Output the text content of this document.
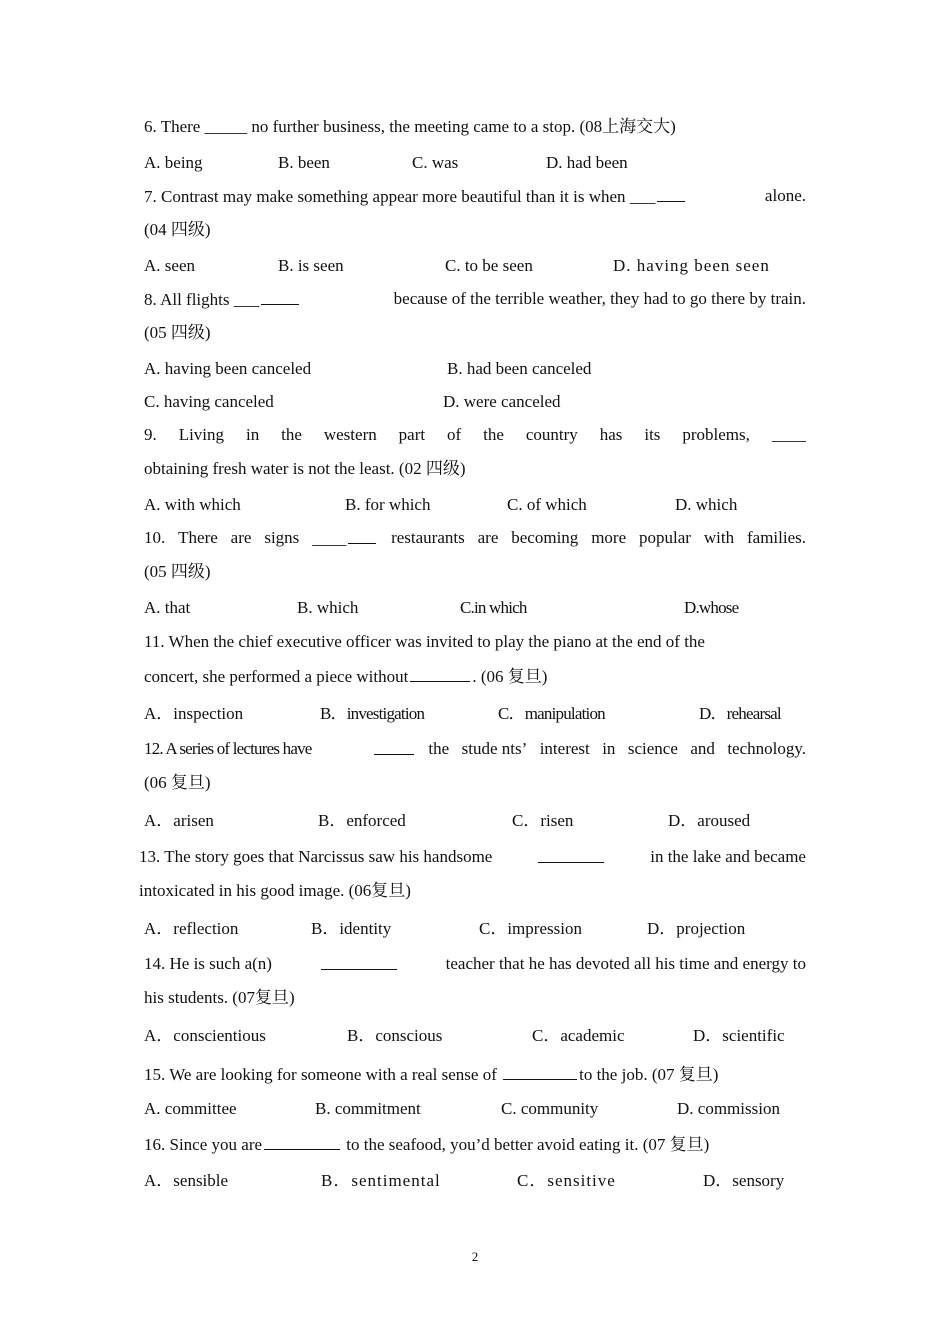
6. There _____ no further business, the meeting came to a stop. (08上海交大)
A. being	B. been	C. was	D. had been
7. Contrast may make something appear more beautiful than it is when ___	alone.
(04 四级)
A. seen	B. is seen	C. to be seen	D. having been seen
8. All flights ___	because of the terrible weather, they had to go there by train.
(05 四级)
A. having been canceled	B. had been canceled
C. having canceled	D. were canceled
9. Living in the western part of the country has its problems, ____
obtaining fresh water is not the least. (02 四级)
A. with which	B. for which	C. of which	D. which
10. There are signs ____	restaurants are becoming more popular with families.
(05 四级)
A. that	B. which	C.in which	D.whose
11. When the chief executive officer was invited to play the piano at the end of the
concert, she performed a piece without	. (06 复旦)
A．inspection	B．investigation	C．manipulation	D．rehearsal
12. A series of lectures have	the stude nts’ interest in science and technology.
(06 复旦)
A．arisen	B．enforced	C．risen	D．aroused
13. The story goes that Narcissus saw his handsome	in the lake and became
intoxicated in his good image. (06复旦)
A．reflection	B．identity	C．impression	D．projection
14. He is such a(n)	teacher that he has devoted all his time and energy to
his students. (07复旦)
A．conscientious	B．conscious	C．academic	D．scientific
15. We are looking for someone with a real sense of	to the job. (07 复旦)
A. committee	B. commitment	C. community	D. commission
16. Since you are	to the seafood, you’d better avoid eating it. (07 复旦)
A．sensible	B．sentimental	C．sensitive	D．sensory
2
